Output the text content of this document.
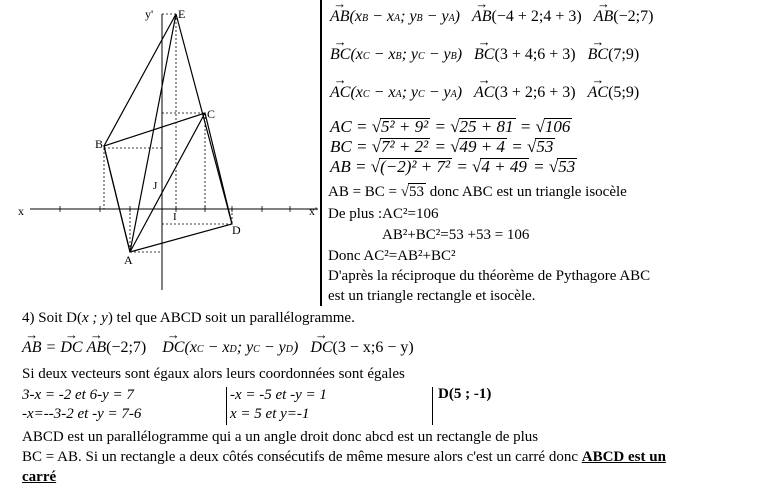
y' E
C
B
J
I
x	x'
D
A
→ AB(xB − xA; yB − yA) → AB(−4 + 2;4 + 3) → AB(−2;7)
→ BC(xC − xB; yC − yB) → BC(3 + 4;6 + 3) → BC(7;9)
→ AC(xC − xA; yC − yA) → AC(3 + 2;6 + 3) → AC(5;9)
AC = √5² + 9² = √25 + 81 = √106
BC = √7² + 2² = √49 + 4 = √53
AB = √(−2)² + 7² = √4 + 49 = √53
AB = BC = √53 donc ABC est un triangle isocèle
De plus :AC²=106
AB²+BC²=53 +53 = 106
Donc AC²=AB²+BC²
D'après la réciproque du théorème de Pythagore ABC
est un triangle rectangle et isocèle.
4) Soit D(x ; y) tel que ABCD soit un parallélogramme.
→ AB = → DC → AB(−2;7) → DC(xC − xD; yC − yD) → DC(3 − x;6 − y)
Si deux vecteurs sont égaux alors leurs coordonnées sont égales
3-x = -2 et 6-y = 7
-x=--3-2 et -y = 7-6
-x = -5 et -y = 1
x = 5 et y=-1
D(5 ; -1)
ABCD est un parallélogramme qui a un angle droit donc abcd est un rectangle de plus
BC = AB. Si un rectangle a deux côtés consécutifs de même mesure alors c'est un carré donc ABCD est un
carré
